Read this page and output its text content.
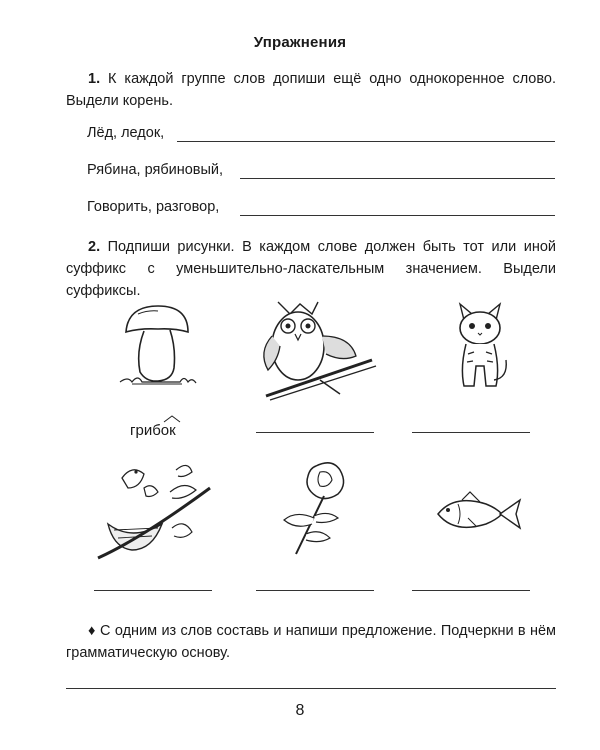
Упражнения
1. К каждой группе слов допиши ещё одно однокоренное слово. Выдели корень.
Лёд, ледок,
Рябина, рябиновый,
Говорить, разговор,
2. Подпиши рисунки. В каждом слове должен быть тот или иной суффикс с уменьшительно-ласкательным значением. Выдели суффиксы.
грибок
♦ С одним из слов составь и напиши предложение. Подчеркни в нём грамматическую основу.
8
